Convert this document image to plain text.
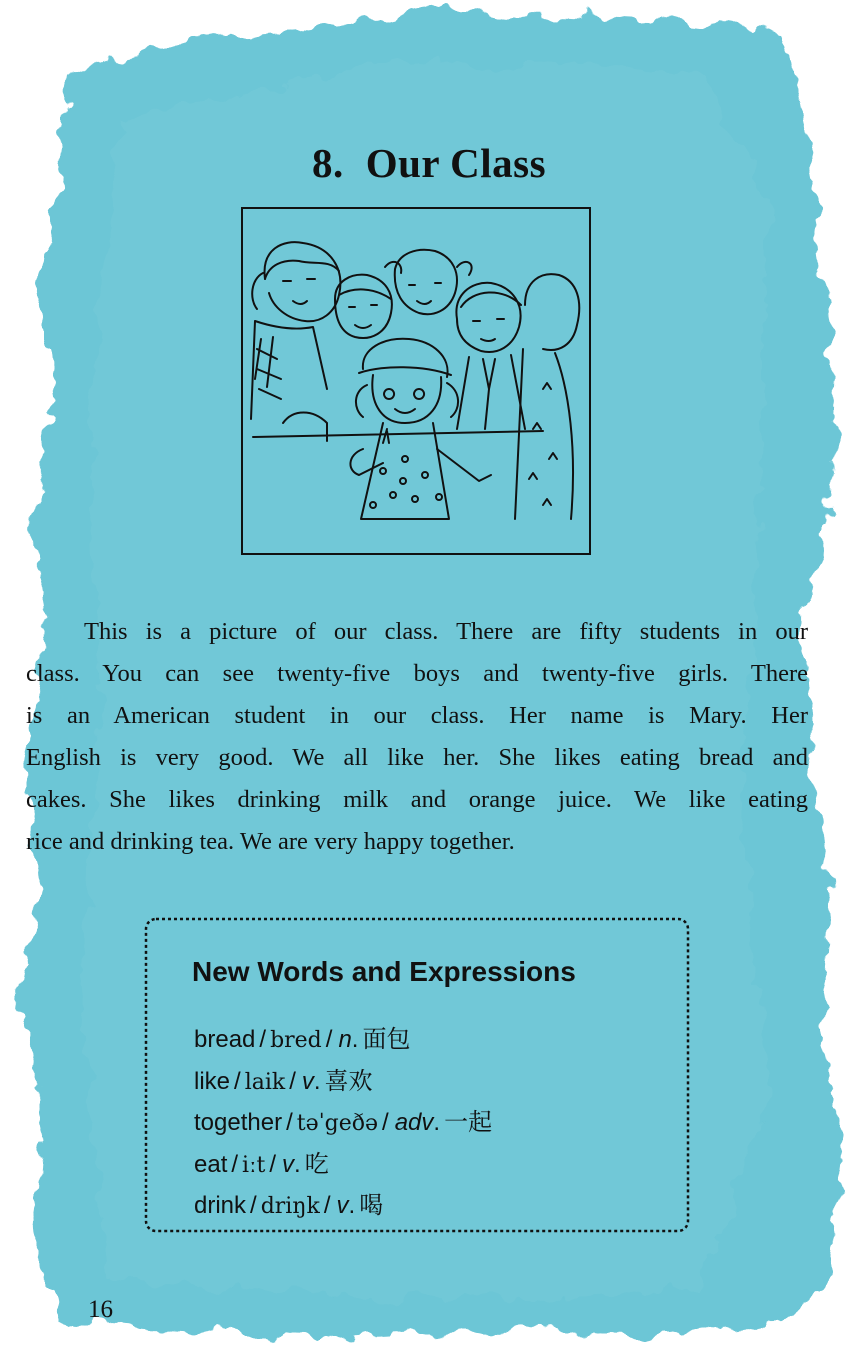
8. Our Class
This is a picture of our class. There are fifty students in our
class. You can see twenty-five boys and twenty-five girls. There
is an American student in our class. Her name is Mary. Her
English is very good. We all like her. She likes eating bread and
cakes. She likes drinking milk and orange juice. We like eating
rice and drinking tea. We are very happy together.
New Words and Expressions
bread / bred / n. 面包
like / laik / v. 喜欢
together / təˈgeðə / adv. 一起
eat / iːt / v. 吃
drink / driŋk / v. 喝
16
